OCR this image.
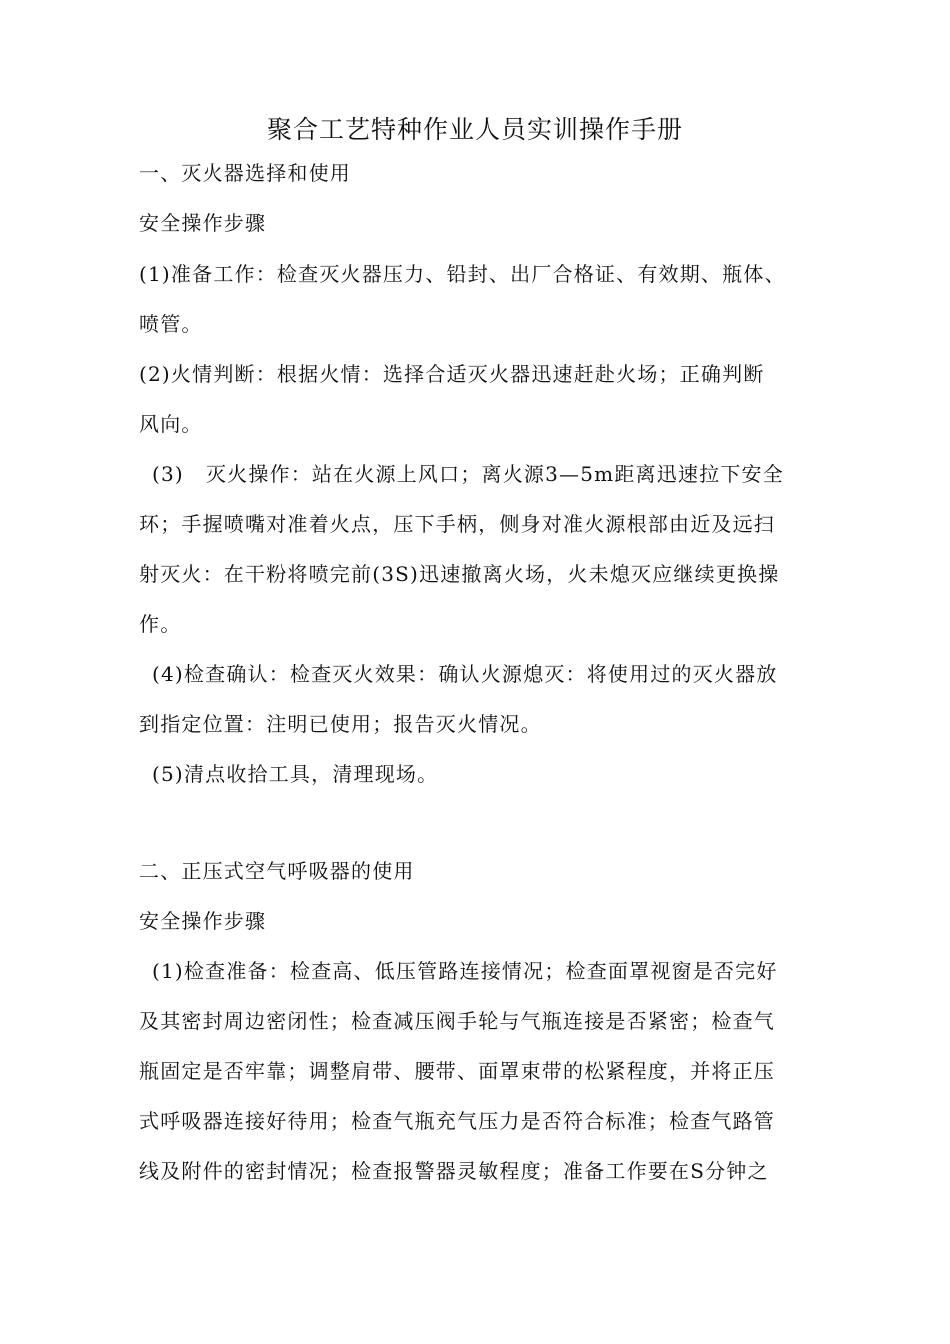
聚合工艺特种作业人员实训操作手册
一、灭火器选择和使用
安全操作步骤
(1)准备工作：检查灭火器压力、铅封、出厂合格证、有效期、瓶体、
喷管。
(2)火情判断：根据火情：选择合适灭火器迅速赶赴火场；正确判断
风向。
(3) 灭火操作：站在火源上风口；离火源3—5m距离迅速拉下安全
环；手握喷嘴对准着火点，压下手柄，侧身对准火源根部由近及远扫
射灭火：在干粉将喷完前(3S)迅速撤离火场，火未熄灭应继续更换操
作。
(4)检查确认：检查灭火效果：确认火源熄灭：将使用过的灭火器放
到指定位置：注明已使用；报告灭火情况。
(5)清点收拾工具，清理现场。
二、正压式空气呼吸器的使用
安全操作步骤
(1)检查准备：检查高、低压管路连接情况；检查面罩视窗是否完好
及其密封周边密闭性；检查减压阀手轮与气瓶连接是否紧密；检查气
瓶固定是否牢靠；调整肩带、腰带、面罩束带的松紧程度，并将正压
式呼吸器连接好待用；检查气瓶充气压力是否符合标准；检查气路管
线及附件的密封情况；检查报警器灵敏程度；准备工作要在S分钟之
